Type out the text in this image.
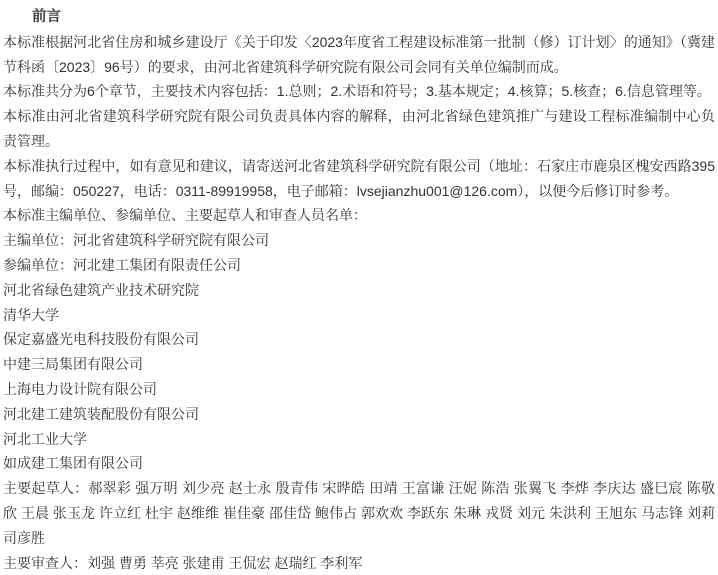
前言

本标准根据河北省住房和城乡建设厅《关于印发〈2023年度省工程建设标准第一批制（修）订计划〉的通知》（冀建节科函〔2023〕96号）的要求，由河北省建筑科学研究院有限公司会同有关单位编制而成。

本标准共分为6个章节，主要技术内容包括：1.总则；2.术语和符号；3.基本规定；4.核算；5.核查；6.信息管理等。

本标准由河北省建筑科学研究院有限公司负责具体内容的解释，由河北省绿色建筑推广与建设工程标准编制中心负责管理。

本标准执行过程中，如有意见和建议，请寄送河北省建筑科学研究院有限公司（地址：石家庄市鹿泉区槐安西路395号，邮编：050227，电话：0311-89919958，电子邮箱：lvsejianzhu001@126.com），以便今后修订时参考。

本标准主编单位、参编单位、主要起草人和审查人员名单：

主编单位：河北省建筑科学研究院有限公司

参编单位：河北建工集团有限责任公司

河北省绿色建筑产业技术研究院

清华大学

保定嘉盛光电科技股份有限公司

中建三局集团有限公司

上海电力设计院有限公司

河北建工建筑装配股份有限公司

河北工业大学

如成建工集团有限公司

主要起草人：郝翠彩 强万明 刘少亮 赵士永 殷青伟 宋晔皓 田靖 王富谦 汪妮 陈浩 张翼飞 李烨 李庆达 盛巳宸 陈敬欣 王晨 张玉龙 许立红 杜宇 赵维维 崔佳豪 邵佳岱 鲍伟占 郭欢欢 李跃东 朱琳 戎贤 刘元 朱洪利 王旭东 马志锋 刘莉 司彦胜

主要审查人：刘强 曹勇 莘亮 张建甫 王侃宏 赵瑞红 李利军
